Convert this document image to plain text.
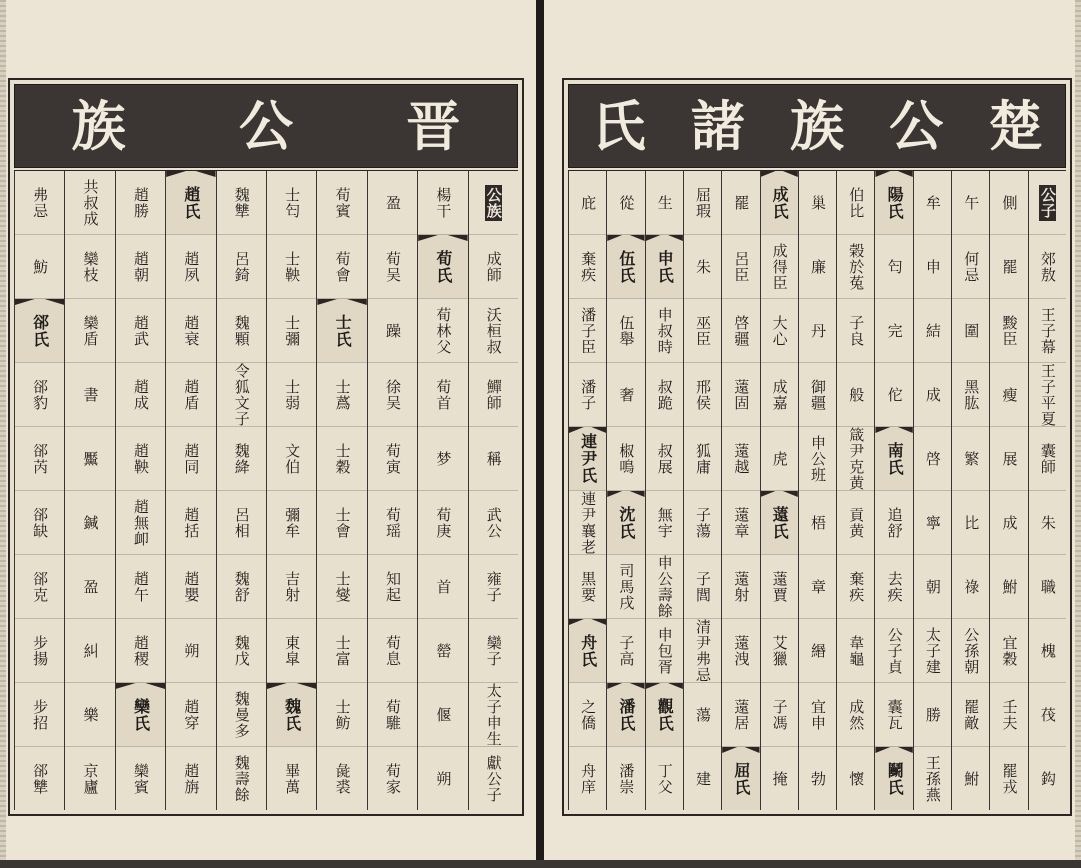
族 公 晋
公族
成師
沃桓叔
鱓師
稱
武公
雍子
欒子
太子申生
獻公子
楊干
荀氏
荀林父
荀首
梦
荀庚
首
罃
偃
朔
盈
荀吴
躁
徐吴
荀寅
荀瑶
知起
荀息
荀騅
荀家
荀賓
荀會
士氏
士蔿
士穀
士會
士燮
士富
士鲂
彘裘
士匄
士鞅
士彌
士弱
文伯
彌牟
吉射
東皐
魏氏
畢萬
魏犨
呂錡
魏顆
令狐文子
魏絳
呂相
魏舒
魏戊
魏曼多
魏壽餘
趙氏
趙夙
趙衰
趙盾
趙同
趙括
趙嬰
朔
趙穿
趙旃
趙勝
趙朝
趙武
趙成
趙鞅
趙無卹
趙午
趙稷
欒氏
欒賓
共叔成
欒枝
欒盾
書
黶
鍼
盈
糾
樂
京廬
弗忌
魴
郤氏
郤豹
郤芮
郤缺
郤克
步揚
步招
郤犨
氏 諸 族 公 楚
公子
郊敖
王子幕
王子平夏
囊師
朱
職
槐
茷
鈎
側
罷
黢臣
瘦
展
成
鮒
宜穀
壬夫
罷戎
午
何忌
圍
黑肱
繁
比
祿
公孫朝
罷敵
鮒
牟
申
結
成
啓
寧
朝
太子建
勝
王孫燕
陽氏
匄
完
佗
南氏
追舒
去疾
公子貞
囊瓦
鬭氏
伯比
榖於菟
子良
般
箴尹克黄
貢黄
棄疾
韋龜
成然
懷
巢
廉
丹
御疆
申公班
梧
章
緡
宜申
勃
成氏
成得臣
大心
成嘉
虎
薳氏
薳賈
艾獵
子馮
掩
罷
呂臣
啓疆
薳固
薳越
薳章
薳射
薳洩
薳居
屈氏
屈瑕
朱
巫臣
邢侯
狐庸
子蕩
子閭
清尹弗忌
蕩
建
生
申氏
申叔時
叔跪
叔展
無宇
申公壽餘
申包胥
觀氏
丁父
從
伍氏
伍舉
奢
椒鳴
沈氏
司馬戌
子高
潘氏
潘崇
庇
棄疾
潘子臣
潘子
連尹氏
連尹襄老
黒要
舟氏
之僑
舟庠
